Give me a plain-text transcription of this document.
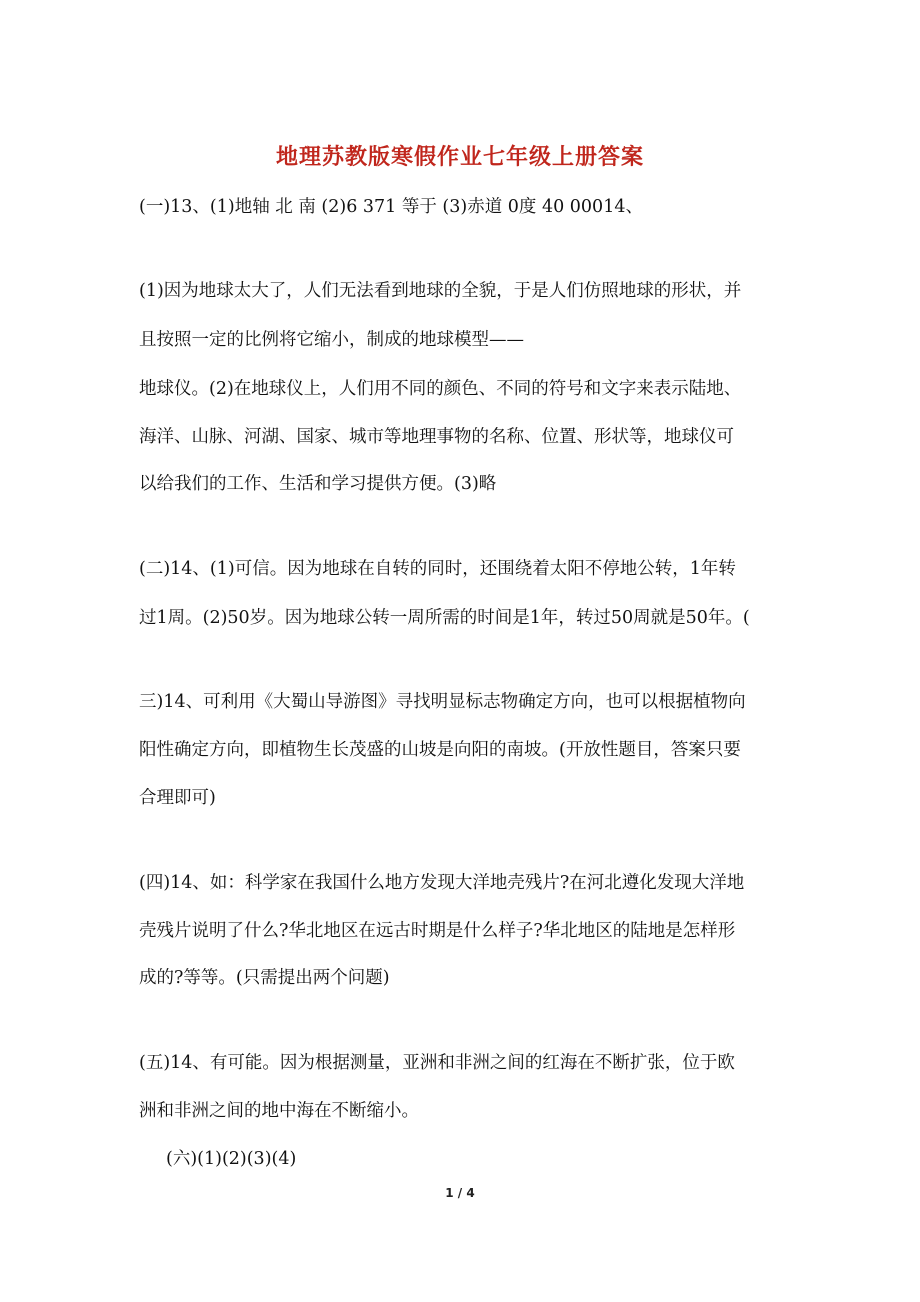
地理苏教版寒假作业七年级上册答案
(一)13、(1)地轴 北 南 (2)6 371 等于 (3)赤道 0度 40 00014、
(1)因为地球太大了，人们无法看到地球的全貌，于是人们仿照地球的形状，并
且按照一定的比例将它缩小，制成的地球模型——
地球仪。(2)在地球仪上，人们用不同的颜色、不同的符号和文字来表示陆地、
海洋、山脉、河湖、国家、城市等地理事物的名称、位置、形状等，地球仪可
以给我们的工作、生活和学习提供方便。(3)略
(二)14、(1)可信。因为地球在自转的同时，还围绕着太阳不停地公转，1年转
过1周。(2)50岁。因为地球公转一周所需的时间是1年，转过50周就是50年。(
三)14、可利用《大蜀山导游图》寻找明显标志物确定方向，也可以根据植物向
阳性确定方向，即植物生长茂盛的山坡是向阳的南坡。(开放性题目，答案只要
合理即可)
(四)14、如：科学家在我国什么地方发现大洋地壳残片?在河北遵化发现大洋地
壳残片说明了什么?华北地区在远古时期是什么样子?华北地区的陆地是怎样形
成的?等等。(只需提出两个问题)
(五)14、有可能。因为根据测量，亚洲和非洲之间的红海在不断扩张，位于欧
洲和非洲之间的地中海在不断缩小。
(六)(1)(2)(3)(4)
1 / 4
